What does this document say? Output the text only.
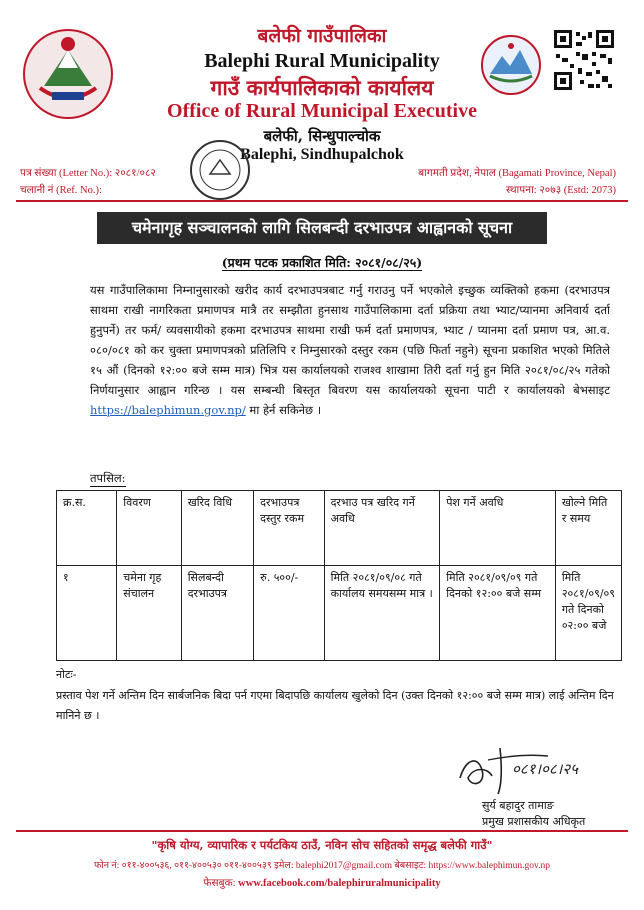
बलेफी गाउँपालिका
Balephi Rural Municipality
गाउँ कार्यपालिकाको कार्यालय
Office of Rural Municipal Executive
बलेफी, सिन्धुपाल्चोक
Balephi, Sindhupalchok
पत्र संख्या (Letter No.): २०८१/०८२
चलानी नं (Ref. No.):
बागमती प्रदेश, नेपाल (Bagamati Province, Nepal)
स्थापना: २०७३ (Estd: 2073)
चमेनागृह सञ्चालनको लागि सिलबन्दी दरभाउपत्र आह्वानको सूचना
(प्रथम पटक प्रकाशित मिति: २०८१/०८/२५)
यस गाउँपालिकामा निम्नानुसारको खरीद कार्य दरभाउपत्रबाट गर्नु गराउनु पर्ने भएकोले इच्छुक व्यक्तिको हकमा (दरभाउपत्र साथमा राखी नागरिकता प्रमाणपत्र मात्रै तर सम्झौता हुनसाथ गाउँपालिकामा दर्ता प्रक्रिया तथा भ्याट/प्यानमा अनिवार्य दर्ता हुनुपर्ने) तर फर्म/ व्यवसायीको हकमा दरभाउपत्र साथमा राखी फर्म दर्ता प्रमाणपत्र, भ्याट / प्यानमा दर्ता प्रमाण पत्र, आ.व. ०८०/०८१ को कर चुक्ता प्रमाणपत्रको प्रतिलिपि र निम्नुसारको दस्तुर रकम (पछि फिर्ता नहुने) सूचना प्रकाशित भएको मितिले १५ औं (दिनको १२:०० बजे सम्म मात्र) भित्र यस कार्यालयको राजश्व शाखामा तिरी दर्ता गर्नु हुन मिति २०८१/०८/२५ गतेको निर्णयानुसार आह्वान गरिन्छ । यस सम्बन्धी बिस्तृत बिवरण यस कार्यालयको सूचना पाटी र कार्यालयको बेभसाइट https://balephimun.gov.np/ मा हेर्न सकिनेछ ।
तपसिल:
क्र.स.	विवरण	खरिद विधि	दरभाउपत्र दस्तुर रकम	दरभाउ पत्र खरिद गर्ने अवधि	पेश गर्ने अवधि	खोल्ने मिति र समय
१	चमेना गृह संचालन	सिलबन्दी दरभाउपत्र	रु. ५००/-	मिति २०८१/०९/०८ गते कार्यालय समयसम्म मात्र ।	मिति २०८१/०९/०९ गते दिनको १२:०० बजे सम्म	मिति २०८१/०९/०९ गते दिनको ०२:०० बजे
नोटः-
प्रस्ताव पेश गर्ने अन्तिम दिन सार्बजनिक बिदा पर्न गएमा बिदापछि कार्यालय खुलेको दिन (उक्त दिनको १२:०० बजे सम्म मात्र) लाई अन्तिम दिन मानिने छ ।
०८१।०८।२५
सुर्य बहादुर तामाङ
प्रमुख प्रशासकीय अधिकृत
"कृषि योग्य, व्यापारिक र पर्यटकिय ठाउँ, नविन सोच सहितको समृद्ध बलेफी गाउँ"
फोन नं: ०११-४००५३६, ०११-४००५३० ०११-४००५३९ इमेल: balephi2017@gmail.com बेबसाइट: https://www.balephimun.gov.np
फेसबुक: www.facebook.com/balephiruralmunicipality
